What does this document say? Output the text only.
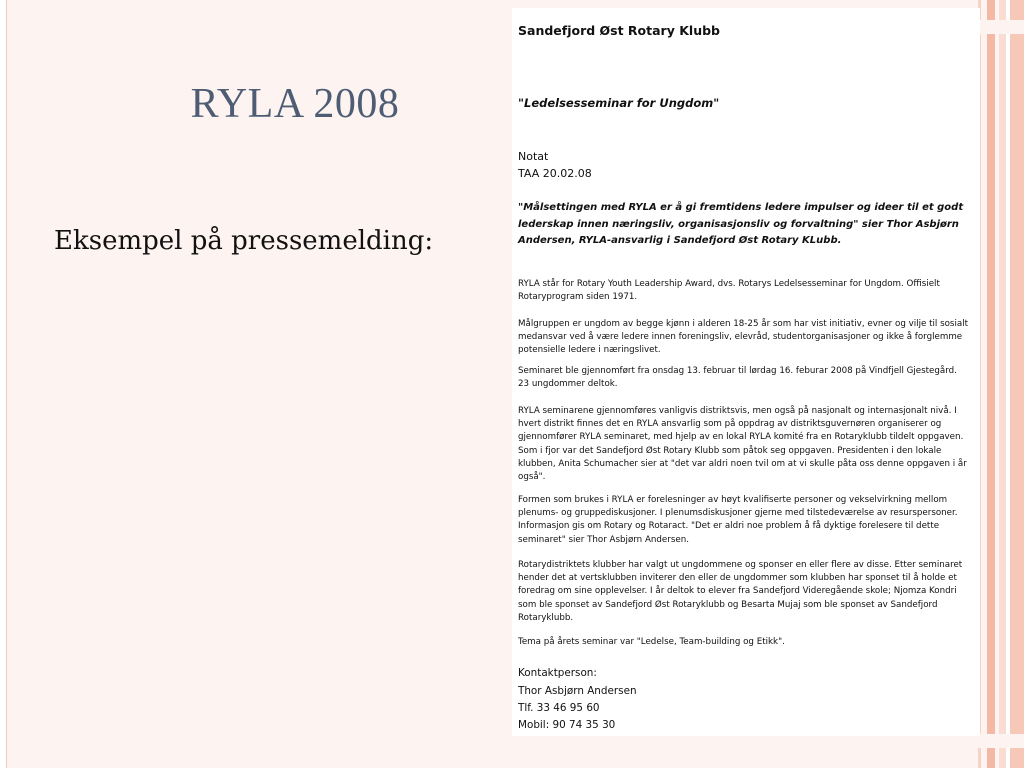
RYLA 2008
Eksempel på pressemelding:
Sandefjord Øst Rotary Klubb
"Ledelsesseminar for Ungdom"
Notat
TAA 20.02.08
"Målsettingen med RYLA er å gi fremtidens ledere impulser og ideer til et godt lederskap innen næringsliv, organisasjonsliv og forvaltning" sier Thor Asbjørn Andersen, RYLA-ansvarlig i Sandefjord Øst Rotary KLubb.
RYLA står for Rotary Youth Leadership Award, dvs. Rotarys Ledelsesseminar for Ungdom. Offisielt Rotaryprogram siden 1971.
Målgruppen er ungdom av begge kjønn i alderen 18-25 år som har vist initiativ, evner og vilje til sosialt medansvar ved å være ledere innen foreningsliv, elevråd, studentorganisasjoner og ikke å forglemme potensielle ledere i næringslivet.
Seminaret ble gjennomført fra onsdag 13. februar til lørdag 16. feburar 2008 på Vindfjell Gjestegård. 23 ungdommer deltok.
RYLA seminarene gjennomføres vanligvis distriktsvis, men også på nasjonalt og internasjonalt nivå. I hvert distrikt finnes det en RYLA ansvarlig som på oppdrag av distriktsguvernøren organiserer og gjennomfører RYLA seminaret, med hjelp av en lokal RYLA komité fra en Rotaryklubb tildelt oppgaven. Som i fjor var det Sandefjord Øst Rotary Klubb som påtok seg oppgaven. Presidenten i den lokale klubben, Anita Schumacher sier at "det var aldri noen tvil om at vi skulle påta oss denne oppgaven i år også".
Formen som brukes i RYLA er forelesninger av høyt kvalifiserte personer og vekselvirkning mellom plenums- og gruppediskusjoner. I plenumsdiskusjoner gjerne med tilstedeværelse av resurspersoner. Informasjon gis om Rotary og Rotaract. "Det er aldri noe problem å få dyktige forelesere til dette seminaret" sier Thor Asbjørn Andersen.
Rotarydistriktets klubber har valgt ut ungdommene og sponser en eller flere av disse. Etter seminaret hender det at vertsklubben inviterer den eller de ungdommer som klubben har sponset til å holde et foredrag om sine opplevelser. I år deltok to elever fra Sandefjord Videregående skole; Njomza Kondri som ble sponset av Sandefjord Øst Rotaryklubb og Besarta Mujaj som ble sponset av Sandefjord Rotaryklubb.
Tema på årets seminar var "Ledelse, Team-building og Etikk".
Kontaktperson:
Thor Asbjørn Andersen
Tlf. 33 46 95 60
Mobil: 90 74 35 30
